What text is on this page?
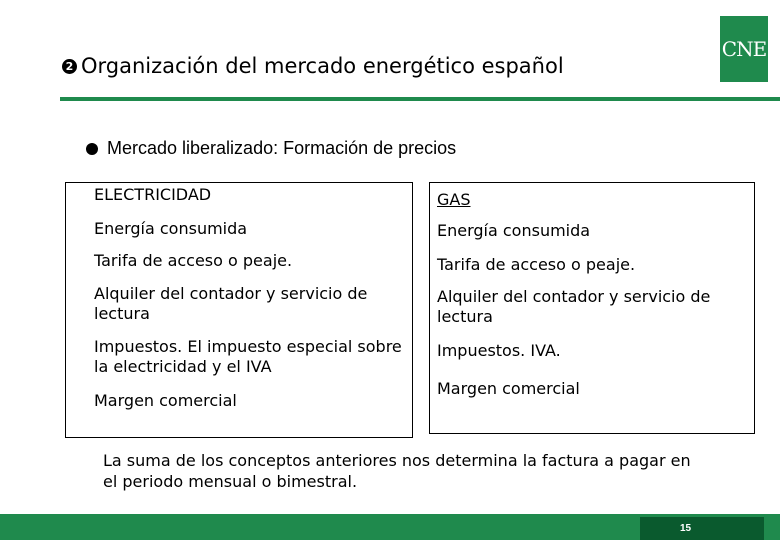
2 Organización del mercado energético español
CNE
Mercado liberalizado: Formación de precios
ELECTRICIDAD
Energía consumida
Tarifa de acceso o peaje.
Alquiler del contador y servicio de lectura
Impuestos. El impuesto especial sobre la electricidad y el IVA
Margen comercial
GAS
Energía consumida
Tarifa de acceso o peaje.
Alquiler del contador y servicio de lectura
Impuestos. IVA.
Margen comercial
La suma de los conceptos anteriores nos determina la factura a pagar en el periodo mensual o bimestral.
15
